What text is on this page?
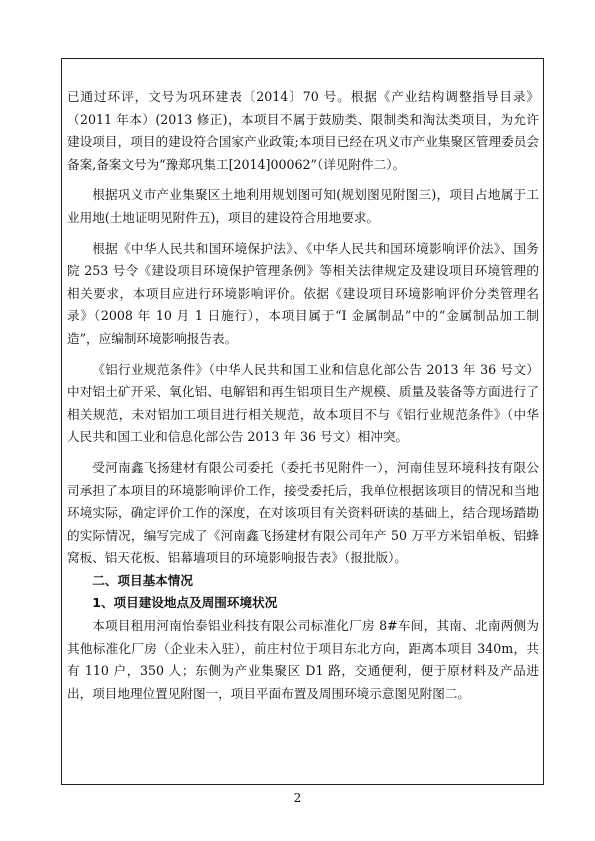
已通过环评，文号为巩环建表〔2014〕70 号。根据《产业结构调整指导目录》（2011 年本）(2013 修正)，本项目不属于鼓励类、限制类和淘汰类项目，为允许建设项目，项目的建设符合国家产业政策;本项目已经在巩义市产业集聚区管理委员会备案,备案文号为“豫郑巩集工[2014]00062”（详见附件二）。

根据巩义市产业集聚区土地利用规划图可知(规划图见附图三)，项目占地属于工业用地(土地证明见附件五)，项目的建设符合用地要求。

根据《中华人民共和国环境保护法》、《中华人民共和国环境影响评价法》、国务院 253 号令《建设项目环境保护管理条例》等相关法律规定及建设项目环境管理的相关要求，本项目应进行环境影响评价。依据《建设项目环境影响评价分类管理名录》（2008 年 10 月 1 日施行），本项目属于“I 金属制品”中的“金属制品加工制造”，应编制环境影响报告表。

《铝行业规范条件》（中华人民共和国工业和信息化部公告 2013 年 36 号文）中对铝土矿开采、氧化铝、电解铝和再生铝项目生产规模、质量及装备等方面进行了相关规范，未对铝加工项目进行相关规范，故本项目不与《铝行业规范条件》（中华人民共和国工业和信息化部公告 2013 年 36 号文）相冲突。

受河南鑫飞扬建材有限公司委托（委托书见附件一），河南佳昱环境科技有限公司承担了本项目的环境影响评价工作，接受委托后，我单位根据该项目的情况和当地环境实际，确定评价工作的深度，在对该项目有关资料研读的基础上，结合现场踏勘的实际情况，编写完成了《河南鑫飞扬建材有限公司年产 50 万平方米铝单板、铝蜂窝板、铝天花板、铝幕墙项目的环境影响报告表》（报批版）。

二、项目基本情况
1、项目建设地点及周围环境状况

本项目租用河南怡泰铝业科技有限公司标准化厂房 8#车间，其南、北南两侧为其他标准化厂房（企业未入驻），前庄村位于项目东北方向，距离本项目 340m，共有 110 户，350 人；东侧为产业集聚区 D1 路，交通便利，便于原材料及产品进出，项目地理位置见附图一，项目平面布置及周围环境示意图见附图二。

2
